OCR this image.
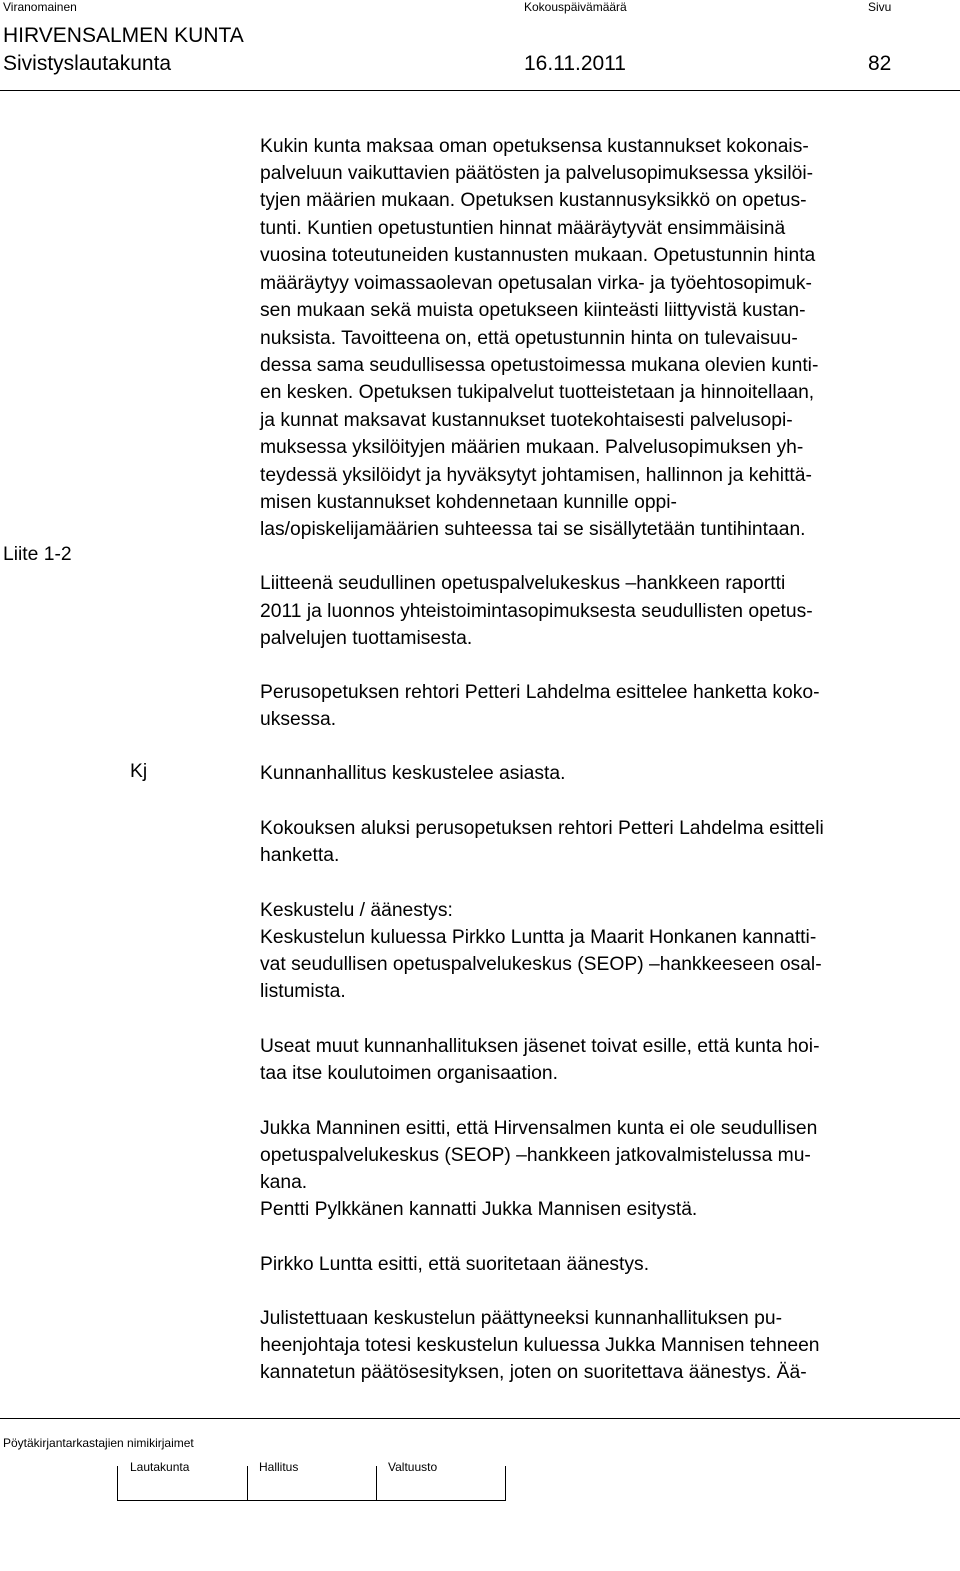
Viranomainen	Kokouspäivämäärä	Sivu
HIRVENSALMEN KUNTA
Sivistyslautakunta	16.11.2011	82
Liite 1-2
Kj
Kukin kunta maksaa oman opetuksensa kustannukset kokonais-
palveluun vaikuttavien päätösten ja palvelusopimuksessa yksilöi-
tyjen määrien mukaan. Opetuksen kustannusyksikkö on opetus-
tunti. Kuntien opetustuntien hinnat määräytyvät ensimmäisinä
vuosina toteutuneiden kustannusten mukaan. Opetustunnin hinta
määräytyy voimassaolevan opetusalan virka- ja työehtosopimuk-
sen mukaan sekä muista opetukseen kiinteästi liittyvistä kustan-
nuksista. Tavoitteena on, että opetustunnin hinta on tulevaisuu-
dessa sama seudullisessa opetustoimessa mukana olevien kunti-
en kesken. Opetuksen tukipalvelut tuotteistetaan ja hinnoitellaan,
ja kunnat maksavat kustannukset tuotekohtaisesti palvelusopi-
muksessa yksilöityjen määrien mukaan. Palvelusopimuksen yh-
teydessä yksilöidyt ja hyväksytyt johtamisen, hallinnon ja kehittä-
misen kustannukset kohdennetaan kunnille oppi-
las/opiskelijamäärien suhteessa tai se sisällytetään tuntihintaan.
Liitteenä seudullinen opetuspalvelukeskus –hankkeen raportti
2011 ja luonnos yhteistoimintasopimuksesta seudullisten opetus-
palvelujen tuottamisesta.
Perusopetuksen rehtori Petteri Lahdelma esittelee hanketta koko-
uksessa.
Kunnanhallitus keskustelee asiasta.
Kokouksen aluksi perusopetuksen rehtori Petteri Lahdelma esitteli
hanketta.
Keskustelu / äänestys:
Keskustelun kuluessa Pirkko Luntta ja Maarit Honkanen kannatti-
vat seudullisen opetuspalvelukeskus (SEOP) –hankkeeseen osal-
listumista.
Useat muut kunnanhallituksen jäsenet toivat esille, että kunta hoi-
taa itse koulutoimen organisaation.
Jukka Manninen esitti, että Hirvensalmen kunta ei ole seudullisen
opetuspalvelukeskus (SEOP) –hankkeen jatkovalmistelussa mu-
kana.
Pentti Pylkkänen kannatti Jukka Mannisen esitystä.
Pirkko Luntta esitti, että suoritetaan äänestys.
Julistettuaan keskustelun päättyneeksi kunnanhallituksen pu-
heenjohtaja totesi keskustelun kuluessa Jukka Mannisen tehneen
kannatetun päätösesityksen, joten on suoritettava äänestys. Ää-
Pöytäkirjantarkastajien nimikirjaimet
Lautakunta	Hallitus	Valtuusto
